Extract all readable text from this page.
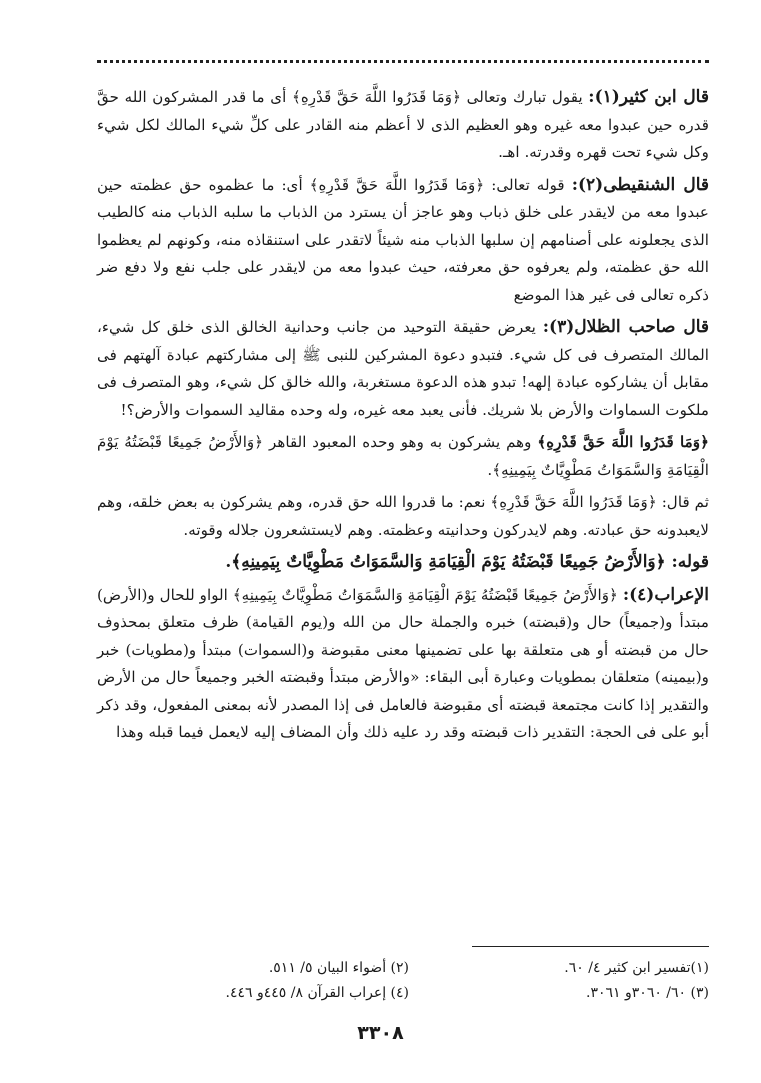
قال ابن كثير(١): يقول تبارك وتعالى ﴿وَمَا قَدَرُوا اللَّهَ حَقَّ قَدْرِهِ﴾ أى ما قدر المشركون الله حقَّ قدره حين عبدوا معه غيره وهو العظيم الذى لا أعظم منه القادر على كلِّ شيء المالك لكل شيء وكل شيء تحت قهره وقدرته. اهـ.

قال الشنقيطى(٢): قوله تعالى: ﴿وَمَا قَدَرُوا اللَّهَ حَقَّ قَدْرِهِ﴾ أى: ما عظموه حق عظمته حين عبدوا معه من لايقدر على خلق ذباب وهو عاجز أن يسترد من الذباب ما سلبه الذباب منه كالطيب الذى يجعلونه على أصنامهم إن سلبها الذباب منه شيئاً لاتقدر على استنقاذه منه، وكونهم لم يعظموا الله حق عظمته، ولم يعرفوه حق معرفته، حيث عبدوا معه من لايقدر على جلب نفع ولا دفع ضر ذكره تعالى فى غير هذا الموضع

قال صاحب الظلال(٣): يعرض حقيقة التوحيد من جانب وحدانية الخالق الذى خلق كل شيء، المالك المتصرف فى كل شيء. فتبدو دعوة المشركين للنبى ﷺ إلى مشاركتهم عبادة آلهتهم فى مقابل أن يشاركوه عبادة إلهه! تبدو هذه الدعوة مستغربة، والله خالق كل شيء، وهو المتصرف فى ملكوت السماوات والأرض بلا شريك. فأنى يعبد معه غيره، وله وحده مقاليد السموات والأرض؟!

﴿وَمَا قَدَرُوا اللَّهَ حَقَّ قَدْرِهِ﴾ وهم يشركون به وهو وحده المعبود القاهر ﴿وَالأَرْضُ جَمِيعًا قَبْضَتُهُ يَوْمَ الْقِيَامَةِ وَالسَّمَوَاتُ مَطْوِيَّاتٌ بِيَمِينِهِ﴾.

ثم قال: ﴿وَمَا قَدَرُوا اللَّهَ حَقَّ قَدْرِهِ﴾ نعم: ما قدروا الله حق قدره، وهم يشركون به بعض خلقه، وهم لايعبدونه حق عبادته. وهم لايدركون وحدانيته وعظمته. وهم لايستشعرون جلاله وقوته.

قوله: ﴿وَالأَرْضُ جَمِيعًا قَبْضَتُهُ يَوْمَ الْقِيَامَةِ وَالسَّمَوَاتُ مَطْوِيَّاتٌ بِيَمِينِهِ﴾.

الإعراب(٤): ﴿وَالأَرْضُ جَمِيعًا قَبْضَتُهُ يَوْمَ الْقِيَامَةِ وَالسَّمَوَاتُ مَطْوِيَّاتٌ بِيَمِينِهِ﴾ الواو للحال و(الأرض) مبتدأ و(جميعاً) حال و(قبضته) خبره والجملة حال من الله و(يوم القيامة) ظرف متعلق بمحذوف حال من قبضته أو هى متعلقة بها على تضمينها معنى مقبوضة و(السموات) مبتدأ و(مطويات) خبر و(بيمينه) متعلقان بمطويات وعبارة أبى البقاء: «والأرض مبتدأ وقبضته الخبر وجميعاً حال من الأرض والتقدير إذا كانت مجتمعة قبضته أى مقبوضة فالعامل فى إذا المصدر لأنه بمعنى المفعول، وقد ذكر أبو على فى الحجة: التقدير ذات قبضته وقد رد عليه ذلك وأن المضاف إليه لايعمل فيما قبله وهذا

(١)تفسير ابن كثير ٤/ ٦٠.
(٢) أضواء البيان ٥/ ٥١١.
(٣) ٦٠/ ٣٠٦٠و ٣٠٦١.
(٤) إعراب القرآن ٨/ ٤٤٥و ٤٤٦.
٣٣٠٨
